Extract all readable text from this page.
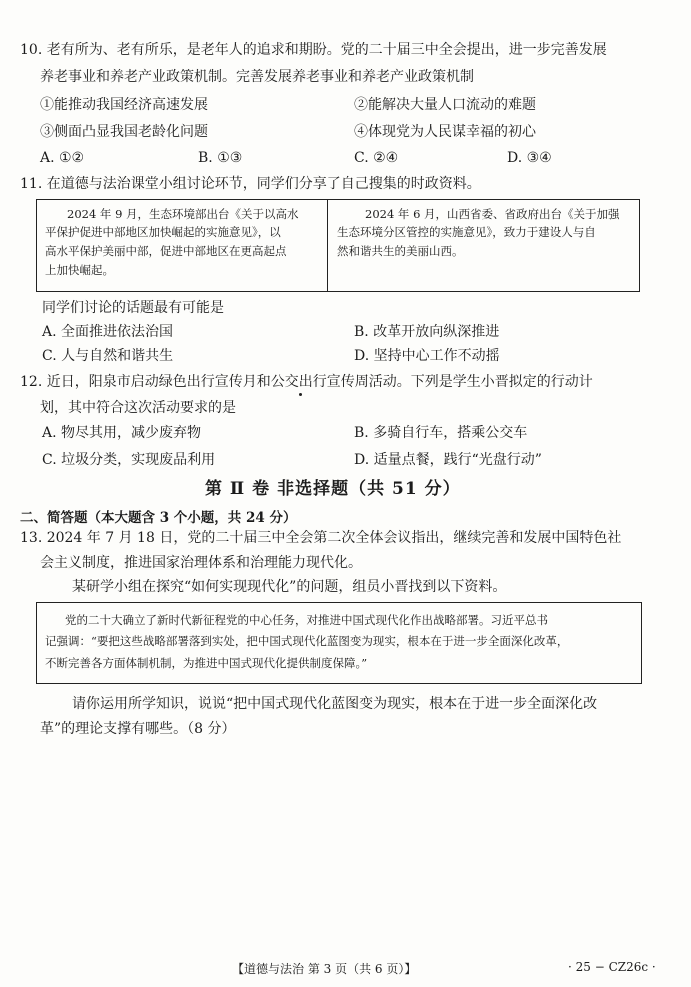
10. 老有所为、老有所乐，是老年人的追求和期盼。党的二十届三中全会提出，进一步完善发展
养老事业和养老产业政策机制。完善发展养老事业和养老产业政策机制
①能推动我国经济高速发展	②能解决大量人口流动的难题
③侧面凸显我国老龄化问题	④体现党为人民谋幸福的初心
A. ①②	B. ①③	C. ②④	D. ③④
11. 在道德与法治课堂小组讨论环节，同学们分享了自己搜集的时政资料。
2024 年 9 月，生态环境部出台《关于以高水
平保护促进中部地区加快崛起的实施意见》，以
高水平保护美丽中部，促进中部地区在更高起点
上加快崛起。
2024 年 6 月，山西省委、省政府出台《关于加强
生态环境分区管控的实施意见》，致力于建设人与自
然和谐共生的美丽山西。
同学们讨论的话题最有可能是
A. 全面推进依法治国	B. 改革开放向纵深推进
C. 人与自然和谐共生	D. 坚持中心工作不动摇
12. 近日，阳泉市启动绿色出行宣传月和公交出行宣传周活动。下列是学生小晋拟定的行动计
划，其中符合这次活动要求的是
A. 物尽其用，减少废弃物	B. 多骑自行车，搭乘公交车
C. 垃圾分类，实现废品利用	D. 适量点餐，践行“光盘行动”
第 Ⅱ 卷 非选择题（共 51 分）
二、简答题（本大题含 3 个小题，共 24 分）
13. 2024 年 7 月 18 日，党的二十届三中全会第二次全体会议指出，继续完善和发展中国特色社
会主义制度，推进国家治理体系和治理能力现代化。
某研学小组在探究“如何实现现代化”的问题，组员小晋找到以下资料。
党的二十大确立了新时代新征程党的中心任务，对推进中国式现代化作出战略部署。习近平总书
记强调：“要把这些战略部署落到实处，把中国式现代化蓝图变为现实，根本在于进一步全面深化改革，
不断完善各方面体制机制，为推进中国式现代化提供制度保障。”
请你运用所学知识，说说“把中国式现代化蓝图变为现实，根本在于进一步全面深化改
革”的理论支撑有哪些。（8 分）
【道德与法治 第 3 页（共 6 页）】	· 25 − CZ26c ·
